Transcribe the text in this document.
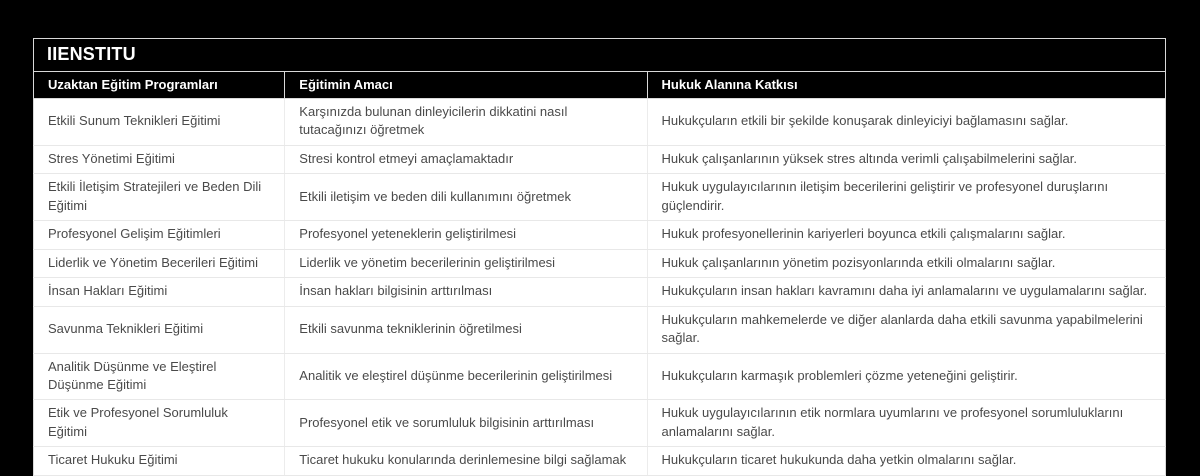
IIENSTITU
Uzaktan Eğitim Programları	Eğitimin Amacı	Hukuk Alanına Katkısı
Etkili Sunum Teknikleri Eğitimi	Karşınızda bulunan dinleyicilerin dikkatini nasıl tutacağınızı öğretmek	Hukukçuların etkili bir şekilde konuşarak dinleyiciyi bağlamasını sağlar.
Stres Yönetimi Eğitimi	Stresi kontrol etmeyi amaçlamaktadır	Hukuk çalışanlarının yüksek stres altında verimli çalışabilmelerini sağlar.
Etkili İletişim Stratejileri ve Beden Dili Eğitimi	Etkili iletişim ve beden dili kullanımını öğretmek	Hukuk uygulayıcılarının iletişim becerilerini geliştirir ve profesyonel duruşlarını güçlendirir.
Profesyonel Gelişim Eğitimleri	Profesyonel yeteneklerin geliştirilmesi	Hukuk profesyonellerinin kariyerleri boyunca etkili çalışmalarını sağlar.
Liderlik ve Yönetim Becerileri Eğitimi	Liderlik ve yönetim becerilerinin geliştirilmesi	Hukuk çalışanlarının yönetim pozisyonlarında etkili olmalarını sağlar.
İnsan Hakları Eğitimi	İnsan hakları bilgisinin arttırılması	Hukukçuların insan hakları kavramını daha iyi anlamalarını ve uygulamalarını sağlar.
Savunma Teknikleri Eğitimi	Etkili savunma tekniklerinin öğretilmesi	Hukukçuların mahkemelerde ve diğer alanlarda daha etkili savunma yapabilmelerini sağlar.
Analitik Düşünme ve Eleştirel Düşünme Eğitimi	Analitik ve eleştirel düşünme becerilerinin geliştirilmesi	Hukukçuların karmaşık problemleri çözme yeteneğini geliştirir.
Etik ve Profesyonel Sorumluluk Eğitimi	Profesyonel etik ve sorumluluk bilgisinin arttırılması	Hukuk uygulayıcılarının etik normlara uyumlarını ve profesyonel sorumluluklarını anlamalarını sağlar.
Ticaret Hukuku Eğitimi	Ticaret hukuku konularında derinlemesine bilgi sağlamak	Hukukçuların ticaret hukukunda daha yetkin olmalarını sağlar.
